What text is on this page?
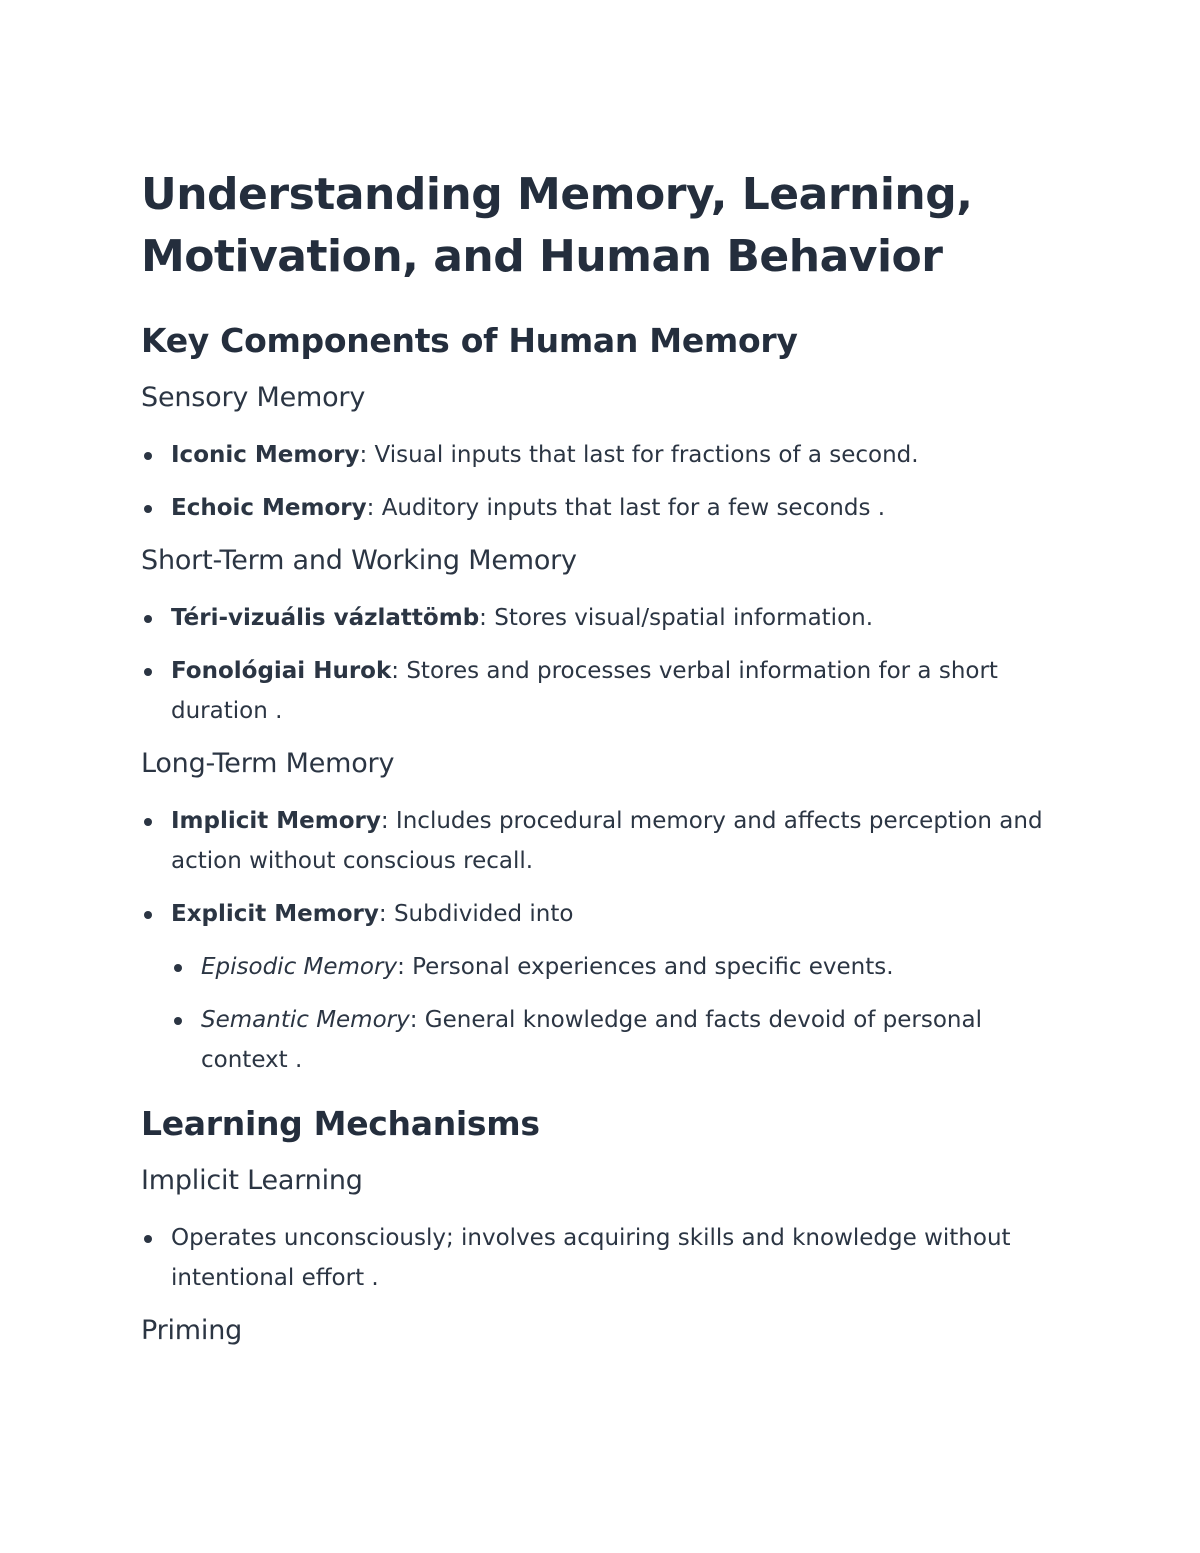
Understanding Memory, Learning, Motivation, and Human Behavior
Key Components of Human Memory
Sensory Memory
Iconic Memory: Visual inputs that last for fractions of a second.
Echoic Memory: Auditory inputs that last for a few seconds .
Short-Term and Working Memory
Téri-vizuális vázlattömb: Stores visual/spatial information.
Fonológiai Hurok: Stores and processes verbal information for a short duration .
Long-Term Memory
Implicit Memory: Includes procedural memory and affects perception and action without conscious recall.
Explicit Memory: Subdivided into
Episodic Memory: Personal experiences and specific events.
Semantic Memory: General knowledge and facts devoid of personal context .
Learning Mechanisms
Implicit Learning
Operates unconsciously; involves acquiring skills and knowledge without intentional effort .
Priming
